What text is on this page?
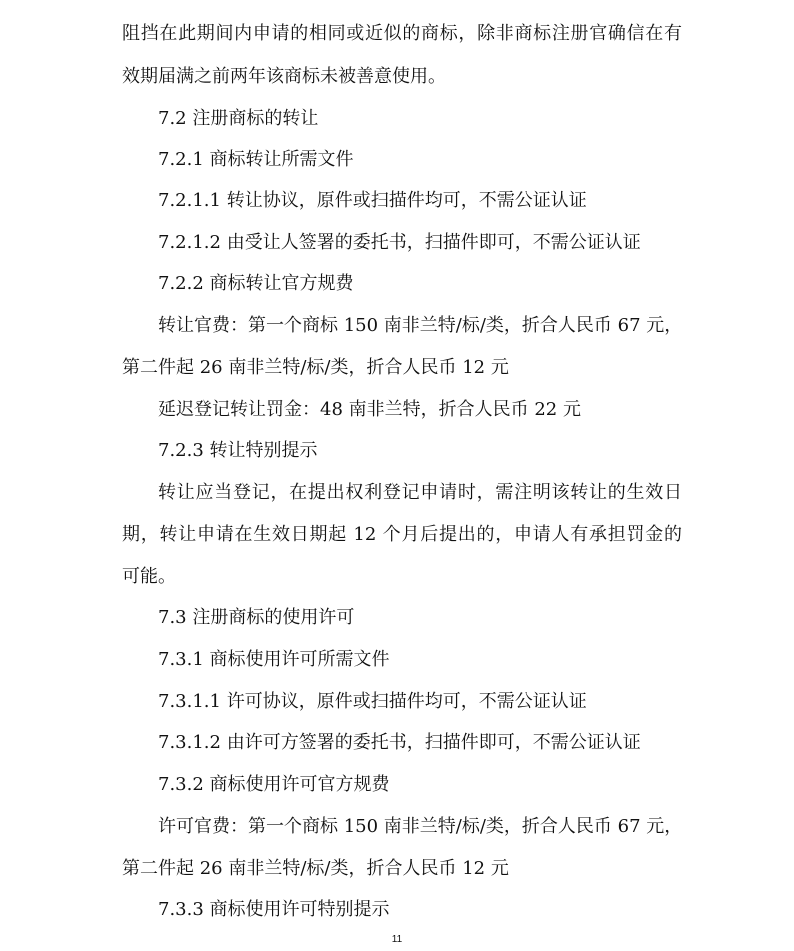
阻挡在此期间内申请的相同或近似的商标，除非商标注册官确信在有
效期届满之前两年该商标未被善意使用。
7.2 注册商标的转让
7.2.1 商标转让所需文件
7.2.1.1 转让协议，原件或扫描件均可，不需公证认证
7.2.1.2 由受让人签署的委托书，扫描件即可，不需公证认证
7.2.2 商标转让官方规费
转让官费：第一个商标 150 南非兰特/标/类，折合人民币 67 元，
第二件起 26 南非兰特/标/类，折合人民币 12 元
延迟登记转让罚金：48 南非兰特，折合人民币 22 元
7.2.3 转让特别提示
转让应当登记，在提出权利登记申请时，需注明该转让的生效日
期，转让申请在生效日期起 12 个月后提出的，申请人有承担罚金的
可能。
7.3 注册商标的使用许可
7.3.1 商标使用许可所需文件
7.3.1.1 许可协议，原件或扫描件均可，不需公证认证
7.3.1.2 由许可方签署的委托书，扫描件即可，不需公证认证
7.3.2 商标使用许可官方规费
许可官费：第一个商标 150 南非兰特/标/类，折合人民币 67 元，
第二件起 26 南非兰特/标/类，折合人民币 12 元
7.3.3 商标使用许可特别提示
11
